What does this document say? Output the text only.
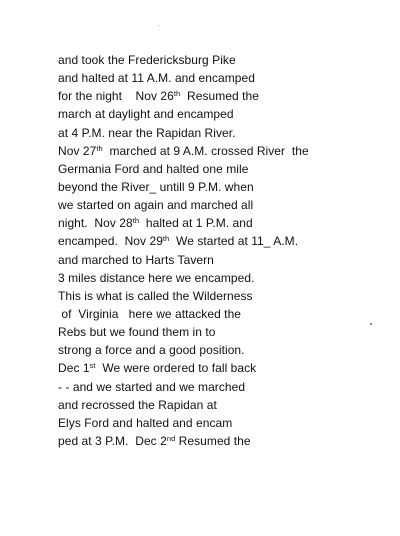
and took the Fredericksburg Pike
and halted at 11 A.M. and encamped
for the night    Nov 26th  Resumed the
march at daylight and encamped
at 4 P.M. near the Rapidan River.
Nov 27th  marched at 9 A.M. crossed River  the
Germania Ford and halted one mile
beyond the River_ untill 9 P.M. when
we started on again and marched all
night.  Nov 28th  halted at 1 P.M. and
encamped.  Nov 29th  We started at 11_ A.M.
and marched to Harts Tavern
3 miles distance here we encamped.
This is what is called the Wilderness
of  Virginia   here we attacked the
Rebs but we found them in to
strong a force and a good position.
Dec 1st  We were ordered to fall back
- - and we started and we marched
and recrossed the Rapidan at
Elys Ford and halted and encam
ped at 3 P.M.  Dec 2nd Resumed the
